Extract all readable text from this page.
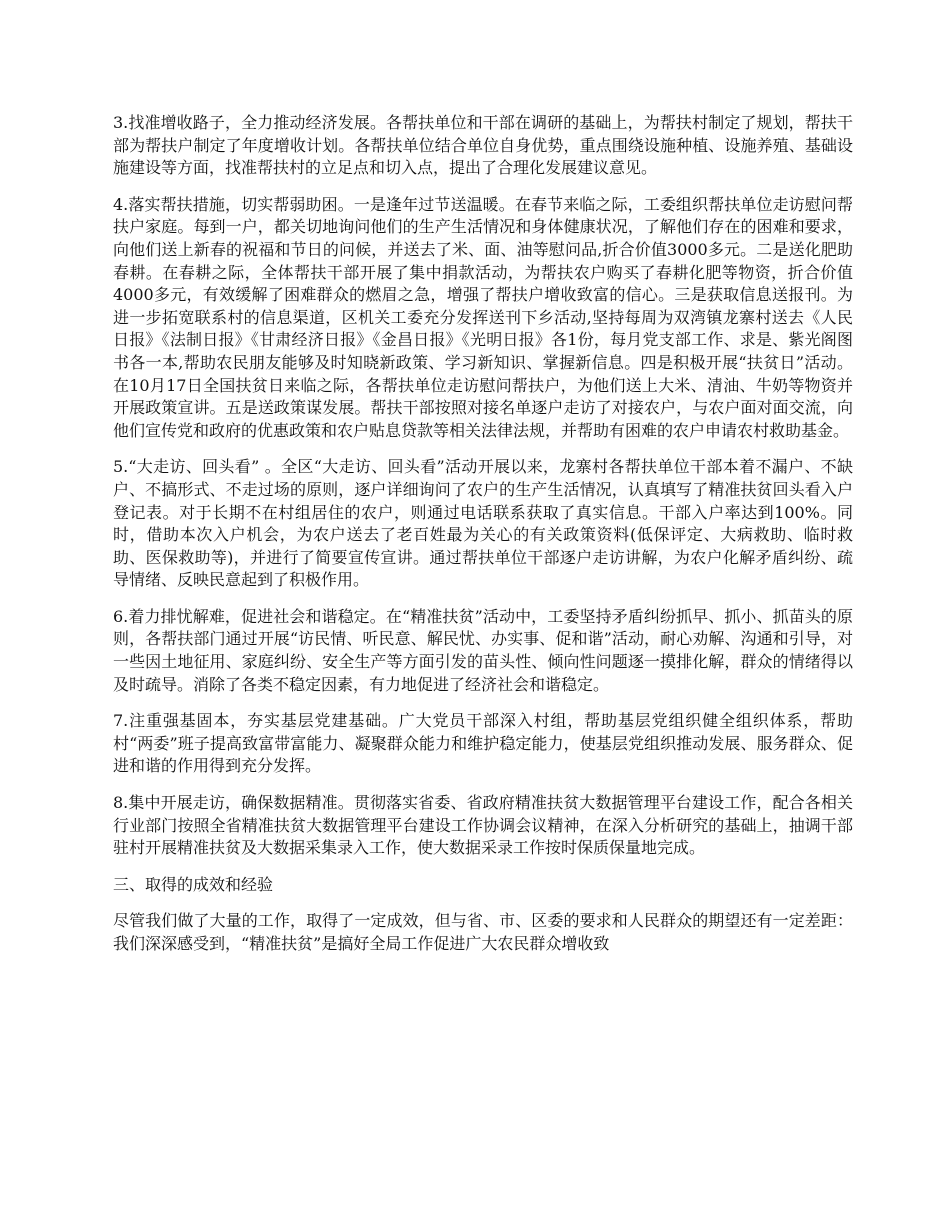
3.找准增收路子，全力推动经济发展。各帮扶单位和干部在调研的基础上，为帮扶村制定了规划，帮扶干部为帮扶户制定了年度增收计划。各帮扶单位结合单位自身优势，重点围绕设施种植、设施养殖、基础设施建设等方面，找准帮扶村的立足点和切入点，提出了合理化发展建议意见。

4.落实帮扶措施，切实帮弱助困。一是逢年过节送温暖。在春节来临之际，工委组织帮扶单位走访慰问帮扶户家庭。每到一户，都关切地询问他们的生产生活情况和身体健康状况，了解他们存在的困难和要求，向他们送上新春的祝福和节日的问候，并送去了米、面、油等慰问品,折合价值3000多元。二是送化肥助春耕。在春耕之际，全体帮扶干部开展了集中捐款活动，为帮扶农户购买了春耕化肥等物资，折合价值4000多元，有效缓解了困难群众的燃眉之急，增强了帮扶户增收致富的信心。三是获取信息送报刊。为进一步拓宽联系村的信息渠道，区机关工委充分发挥送刊下乡活动,坚持每周为双湾镇龙寨村送去《人民日报》《法制日报》《甘肃经济日报》《金昌日报》《光明日报》各1份，每月党支部工作、求是、紫光阁图书各一本,帮助农民朋友能够及时知晓新政策、学习新知识、掌握新信息。四是积极开展“扶贫日”活动。在10月17日全国扶贫日来临之际，各帮扶单位走访慰问帮扶户，为他们送上大米、清油、牛奶等物资并开展政策宣讲。五是送政策谋发展。帮扶干部按照对接名单逐户走访了对接农户，与农户面对面交流，向他们宣传党和政府的优惠政策和农户贴息贷款等相关法律法规，并帮助有困难的农户申请农村救助基金。

5.“大走访、回头看” 。全区“大走访、回头看”活动开展以来，龙寨村各帮扶单位干部本着不漏户、不缺户、不搞形式、不走过场的原则，逐户详细询问了农户的生产生活情况，认真填写了精准扶贫回头看入户登记表。对于长期不在村组居住的农户，则通过电话联系获取了真实信息。干部入户率达到100%。同时，借助本次入户机会，为农户送去了老百姓最为关心的有关政策资料(低保评定、大病救助、临时救助、医保救助等)，并进行了简要宣传宣讲。通过帮扶单位干部逐户走访讲解，为农户化解矛盾纠纷、疏导情绪、反映民意起到了积极作用。

6.着力排忧解难，促进社会和谐稳定。在“精准扶贫”活动中，工委坚持矛盾纠纷抓早、抓小、抓苗头的原则，各帮扶部门通过开展“访民情、听民意、解民忧、办实事、促和谐”活动，耐心劝解、沟通和引导，对一些因土地征用、家庭纠纷、安全生产等方面引发的苗头性、倾向性问题逐一摸排化解，群众的情绪得以及时疏导。消除了各类不稳定因素，有力地促进了经济社会和谐稳定。

7.注重强基固本，夯实基层党建基础。广大党员干部深入村组，帮助基层党组织健全组织体系，帮助村“两委”班子提高致富带富能力、凝聚群众能力和维护稳定能力，使基层党组织推动发展、服务群众、促进和谐的作用得到充分发挥。

8.集中开展走访，确保数据精准。贯彻落实省委、省政府精准扶贫大数据管理平台建设工作，配合各相关行业部门按照全省精准扶贫大数据管理平台建设工作协调会议精神，在深入分析研究的基础上，抽调干部驻村开展精准扶贫及大数据采集录入工作，使大数据采录工作按时保质保量地完成。

三、取得的成效和经验

尽管我们做了大量的工作，取得了一定成效，但与省、市、区委的要求和人民群众的期望还有一定差距：我们深深感受到，“精准扶贫”是搞好全局工作促进广大农民群众增收致
